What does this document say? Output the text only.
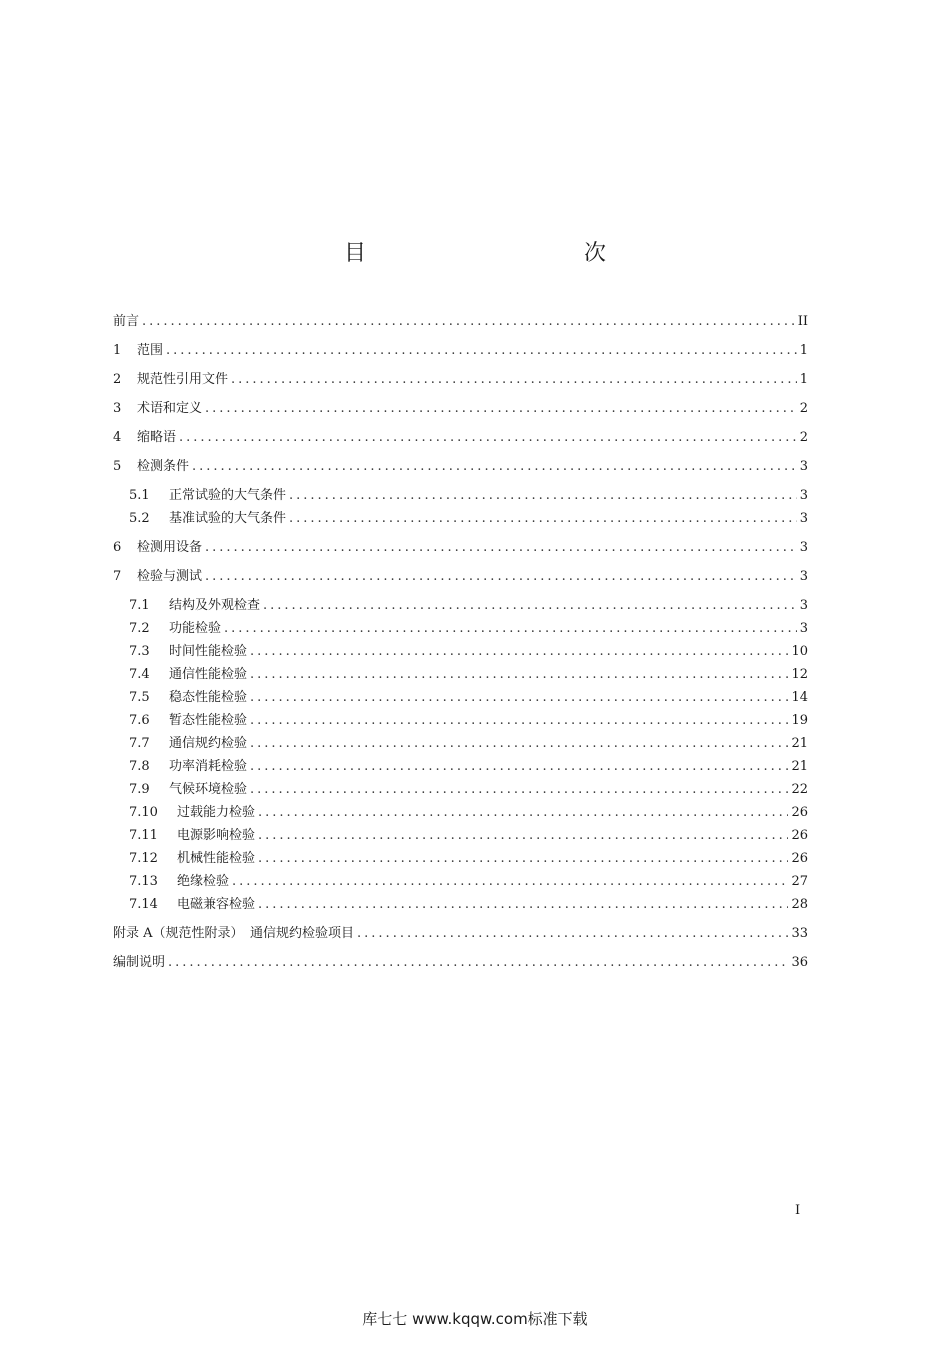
目　　次
前言 .....	II
1	范围 .....	1
2	规范性引用文件 .....	1
3	术语和定义 .....	2
4	缩略语 .....	2
5	检测条件 .....	3
5.1	正常试验的大气条件 .....	3
5.2	基准试验的大气条件 .....	3
6	检测用设备 .....	3
7	检验与测试 .....	3
7.1	结构及外观检查 .....	3
7.2	功能检验 .....	3
7.3	时间性能检验 .....	10
7.4	通信性能检验 .....	12
7.5	稳态性能检验 .....	14
7.6	暂态性能检验 .....	19
7.7	通信规约检验 .....	21
7.8	功率消耗检验 .....	21
7.9	气候环境检验 .....	22
7.10	过载能力检验 .....	26
7.11	电源影响检验 .....	26
7.12	机械性能检验 .....	26
7.13	绝缘检验 .....	27
7.14	电磁兼容检验 .....	28
附录 A（规范性附录）　通信规约检验项目 .....	33
编制说明 .....	36
I
库七七 www.kqqw.com标准下载
